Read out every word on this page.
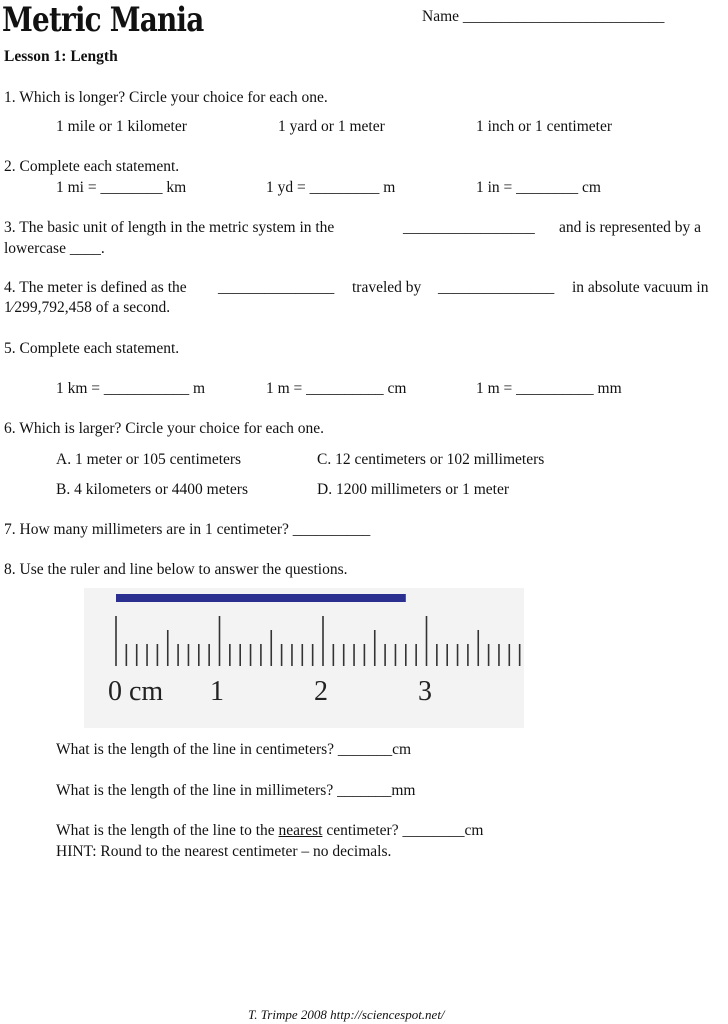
Metric Mania	Name __________________________
Lesson 1: Length
1. Which is longer? Circle your choice for each one.
1 mile or 1 kilometer	1 yard or 1 meter	1 inch or 1 centimeter
2. Complete each statement.
1 mi = ________ km	1 yd = _________ m	1 in = ________ cm
3. The basic unit of length in the metric system in the	_________________ and is represented by a
lowercase ____.
4. The meter is defined as the _______________ traveled by _______________ in absolute vacuum in
1⁄299,792,458 of a second.
5. Complete each statement.
1 km = ___________ m	1 m = __________ cm	1 m = __________ mm
6. Which is larger? Circle your choice for each one.
A. 1 meter or 105 centimeters	C. 12 centimeters or 102 millimeters
B. 4 kilometers or 4400 meters	D. 1200 millimeters or 1 meter
7. How many millimeters are in 1 centimeter? __________
8. Use the ruler and line below to answer the questions.
0 cm 1	2	3
What is the length of the line in centimeters? _______cm
What is the length of the line in millimeters? _______mm
What is the length of the line to the nearest centimeter? ________cm
HINT: Round to the nearest centimeter – no decimals.
T. Trimpe 2008 http://sciencespot.net/
